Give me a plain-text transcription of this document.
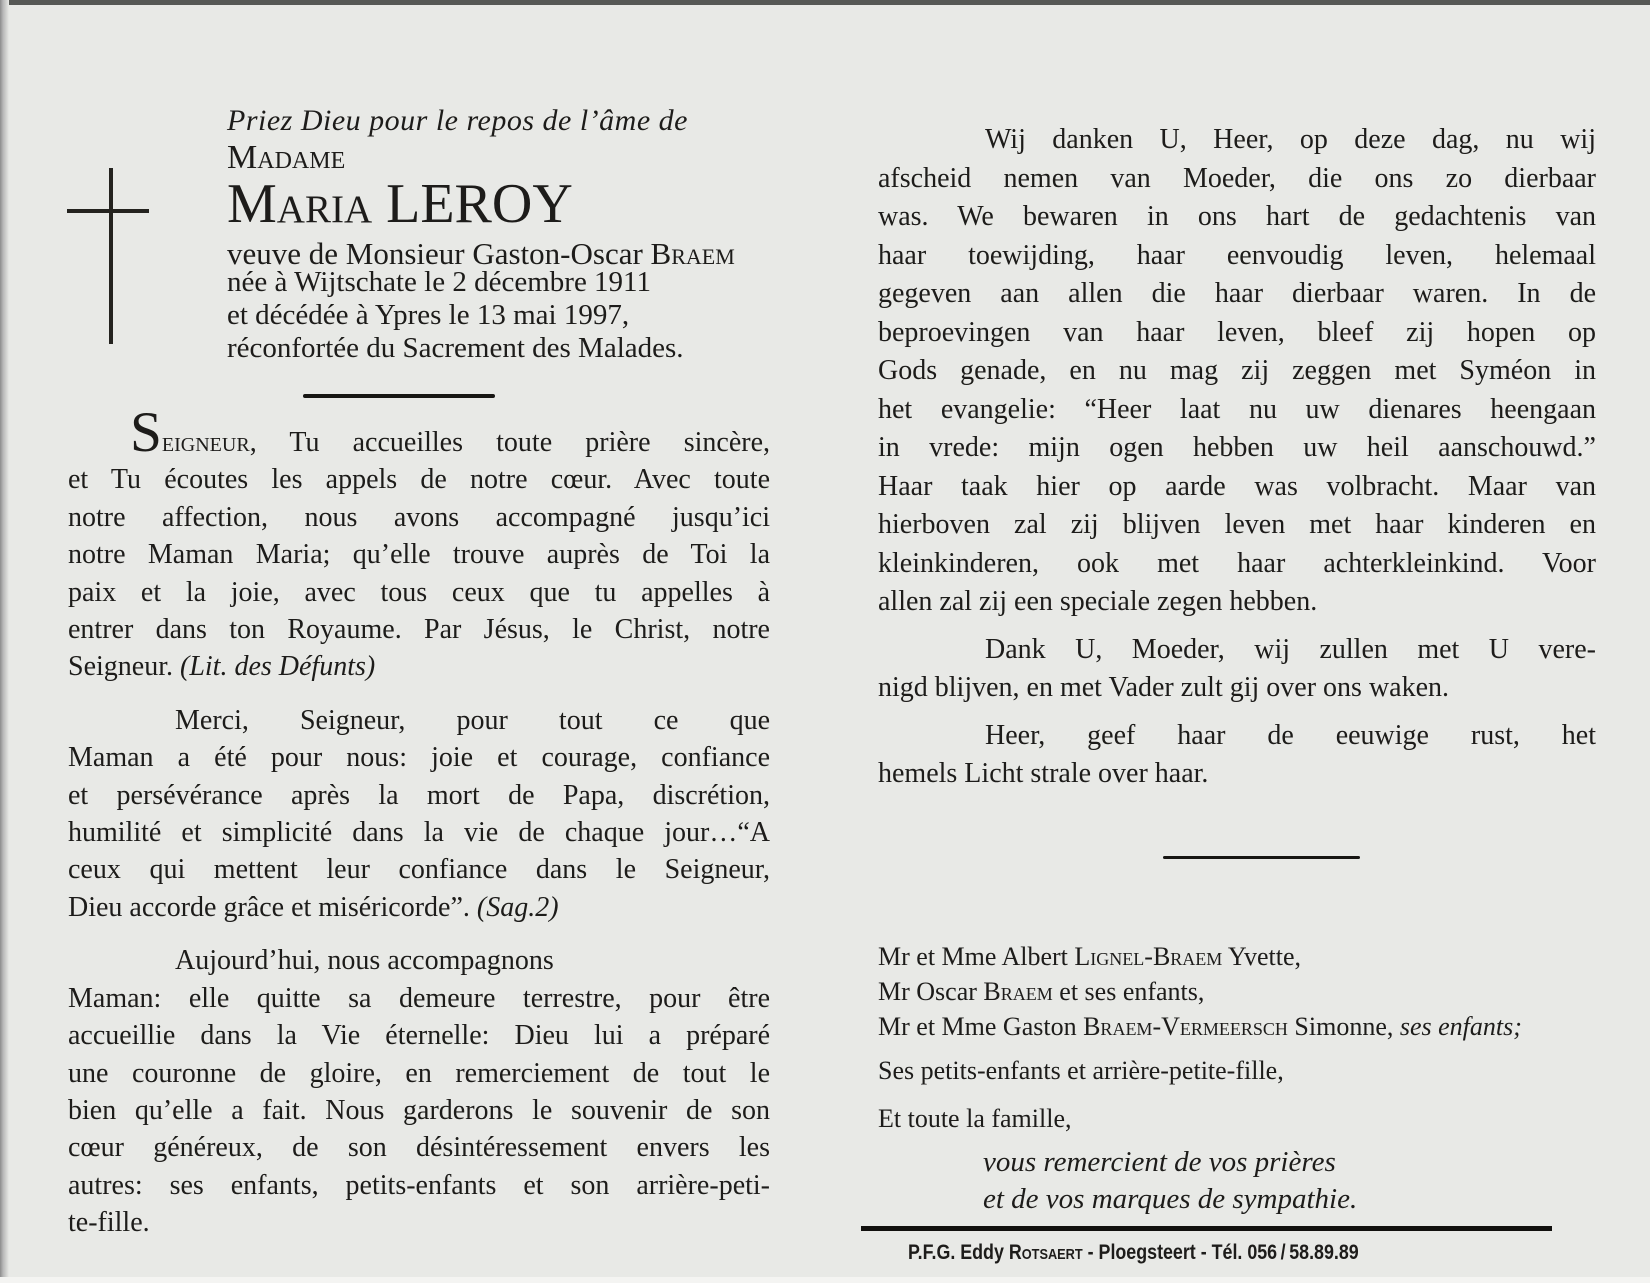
Priez Dieu pour le repos de l’âme de
Madame
Maria LEROY
veuve de Monsieur Gaston-Oscar Braem
née à Wijtschate le 2 décembre 1911
et décédée à Ypres le 13 mai 1997,
réconfortée du Sacrement des Malades.
Seigneur, Tu accueilles toute prière sincère,
et Tu écoutes les appels de notre cœur. Avec toute
notre affection, nous avons accompagné jusqu’ici
notre Maman Maria; qu’elle trouve auprès de Toi la
paix et la joie, avec tous ceux que tu appelles à
entrer dans ton Royaume. Par Jésus, le Christ, notre
Seigneur. (Lit. des Défunts)
Merci, Seigneur, pour tout ce que
Maman a été pour nous: joie et courage, confiance
et persévérance après la mort de Papa, discrétion,
humilité et simplicité dans la vie de chaque jour…“A
ceux qui mettent leur confiance dans le Seigneur,
Dieu accorde grâce et miséricorde”. (Sag.2)
Aujourd’hui, nous accompagnons
Maman: elle quitte sa demeure terrestre, pour être
accueillie dans la Vie éternelle: Dieu lui a préparé
une couronne de gloire, en remerciement de tout le
bien qu’elle a fait. Nous garderons le souvenir de son
cœur généreux, de son désintéressement envers les
autres: ses enfants, petits-enfants et son arrière-peti-
te-fille.
Wij danken U, Heer, op deze dag, nu wij
afscheid nemen van Moeder, die ons zo dierbaar
was. We bewaren in ons hart de gedachtenis van
haar toewijding, haar eenvoudig leven, helemaal
gegeven aan allen die haar dierbaar waren. In de
beproevingen van haar leven, bleef zij hopen op
Gods genade, en nu mag zij zeggen met Syméon in
het evangelie: “Heer laat nu uw dienares heengaan
in vrede: mijn ogen hebben uw heil aanschouwd.”
Haar taak hier op aarde was volbracht. Maar van
hierboven zal zij blijven leven met haar kinderen en
kleinkinderen, ook met haar achterkleinkind. Voor
allen zal zij een speciale zegen hebben.
Dank U, Moeder, wij zullen met U vere-
nigd blijven, en met Vader zult gij over ons waken.
Heer, geef haar de eeuwige rust, het
hemels Licht strale over haar.
Mr et Mme Albert Lignel-Braem Yvette,
Mr Oscar Braem et ses enfants,
Mr et Mme Gaston Braem-Vermeersch Simonne, ses enfants;
Ses petits-enfants et arrière-petite-fille,
Et toute la famille,
vous remercient de vos prières
et de vos marques de sympathie.
P.F.G. Eddy Rotsaert - Ploegsteert - Tél. 056 / 58.89.89
